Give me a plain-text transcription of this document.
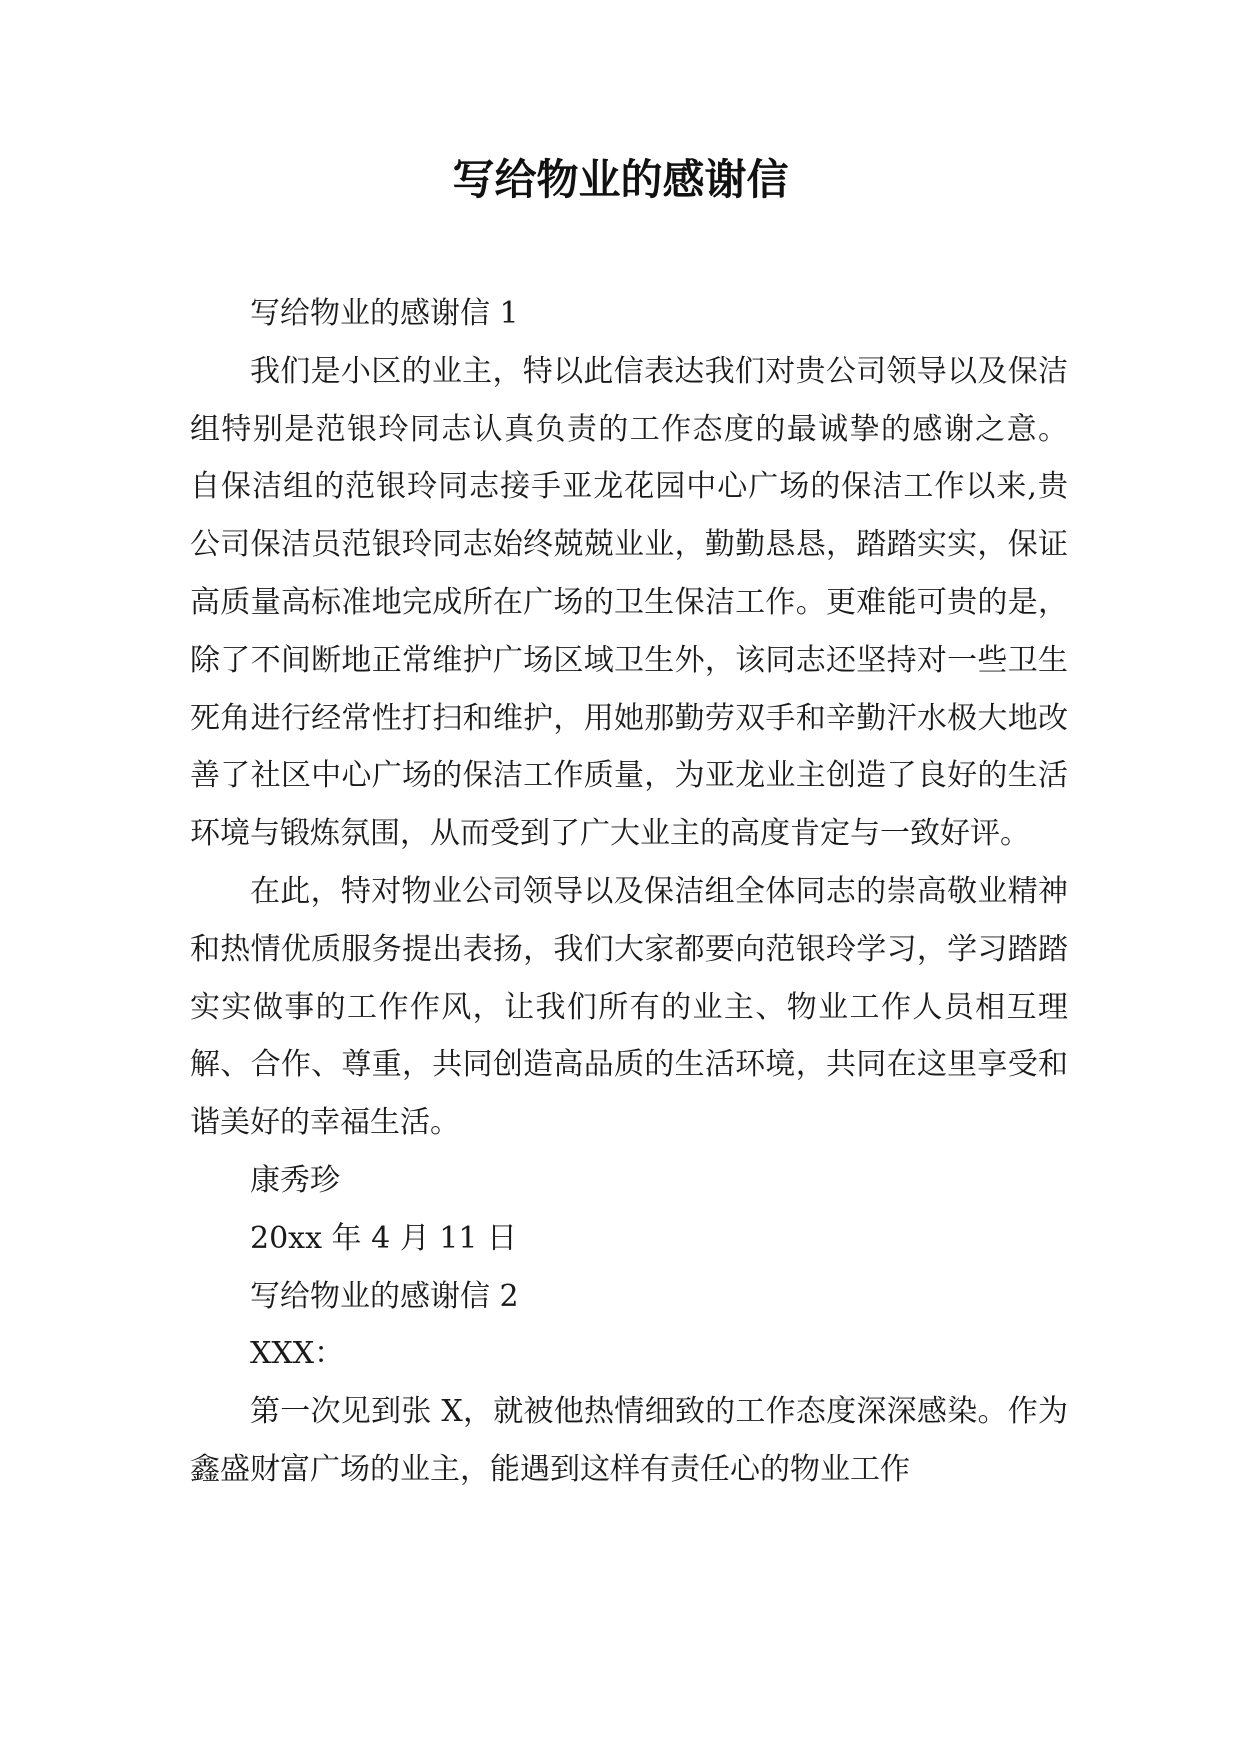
写给物业的感谢信

写给物业的感谢信 1

我们是小区的业主，特以此信表达我们对贵公司领导以及保洁组特别是范银玲同志认真负责的工作态度的最诚挚的感谢之意。 自保洁组的范银玲同志接手亚龙花园中心广场的保洁工作以来,贵公司保洁员范银玲同志始终兢兢业业，勤勤恳恳，踏踏实实，保证高质量高标准地完成所在广场的卫生保洁工作。更难能可贵的是，除了不间断地正常维护广场区域卫生外，该同志还坚持对一些卫生死角进行经常性打扫和维护，用她那勤劳双手和辛勤汗水极大地改善了社区中心广场的保洁工作质量，为亚龙业主创造了良好的生活环境与锻炼氛围，从而受到了广大业主的高度肯定与一致好评。

在此，特对物业公司领导以及保洁组全体同志的崇高敬业精神和热情优质服务提出表扬，我们大家都要向范银玲学习，学习踏踏实实做事的工作作风，让我们所有的业主、物业工作人员相互理解、合作、尊重，共同创造高品质的生活环境，共同在这里享受和谐美好的幸福生活。

康秀珍

20xx 年 4 月 11 日

写给物业的感谢信 2

XXX：

第一次见到张 X，就被他热情细致的工作态度深深感染。作为鑫盛财富广场的业主，能遇到这样有责任心的物业工作
